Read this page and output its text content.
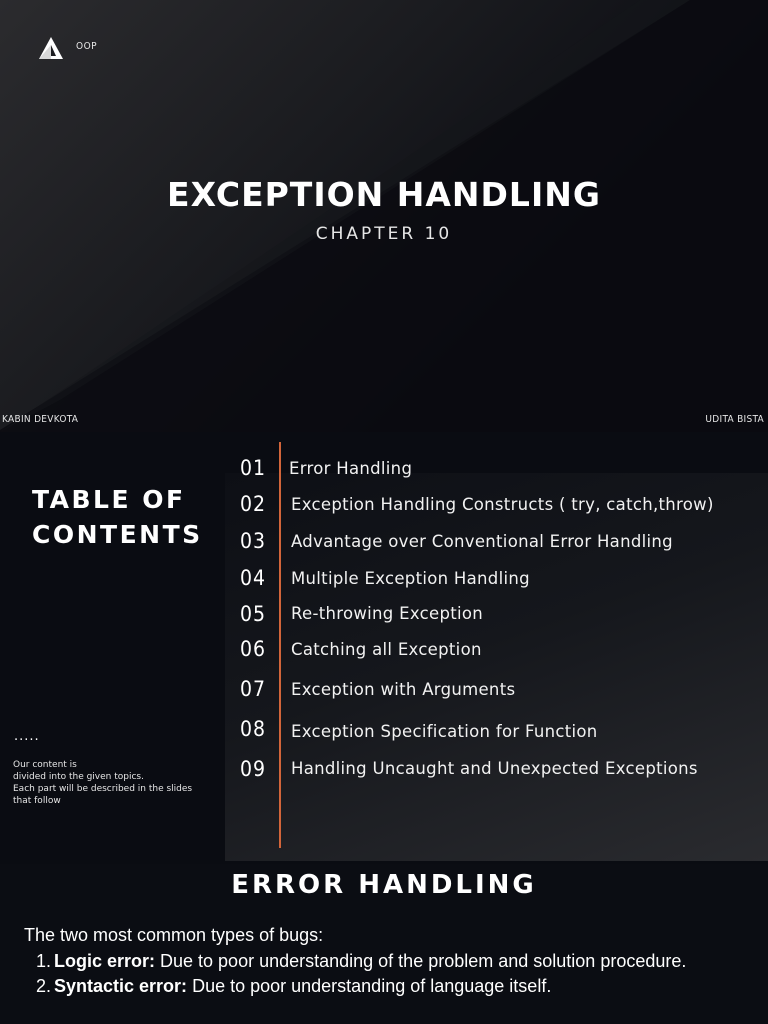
OOP
EXCEPTION HANDLING
CHAPTER 10
KABIN DEVKOTA	UDITA BISTA
TABLE OF
CONTENTS
01	Error Handling
02	Exception Handling Constructs ( try, catch,throw)
03	Advantage over Conventional Error Handling
04	Multiple Exception Handling
05	Re-throwing Exception
06	Catching all Exception
07	Exception with Arguments
08	Exception Specification for Function
09	Handling Uncaught and Unexpected Exceptions
.....
Our content is
divided into the given topics.
Each part will be described in the slides
that follow
ERROR HANDLING
The two most common types of bugs:
1. Logic error: Due to poor understanding of the problem and solution procedure.
2. Syntactic error: Due to poor understanding of language itself.
